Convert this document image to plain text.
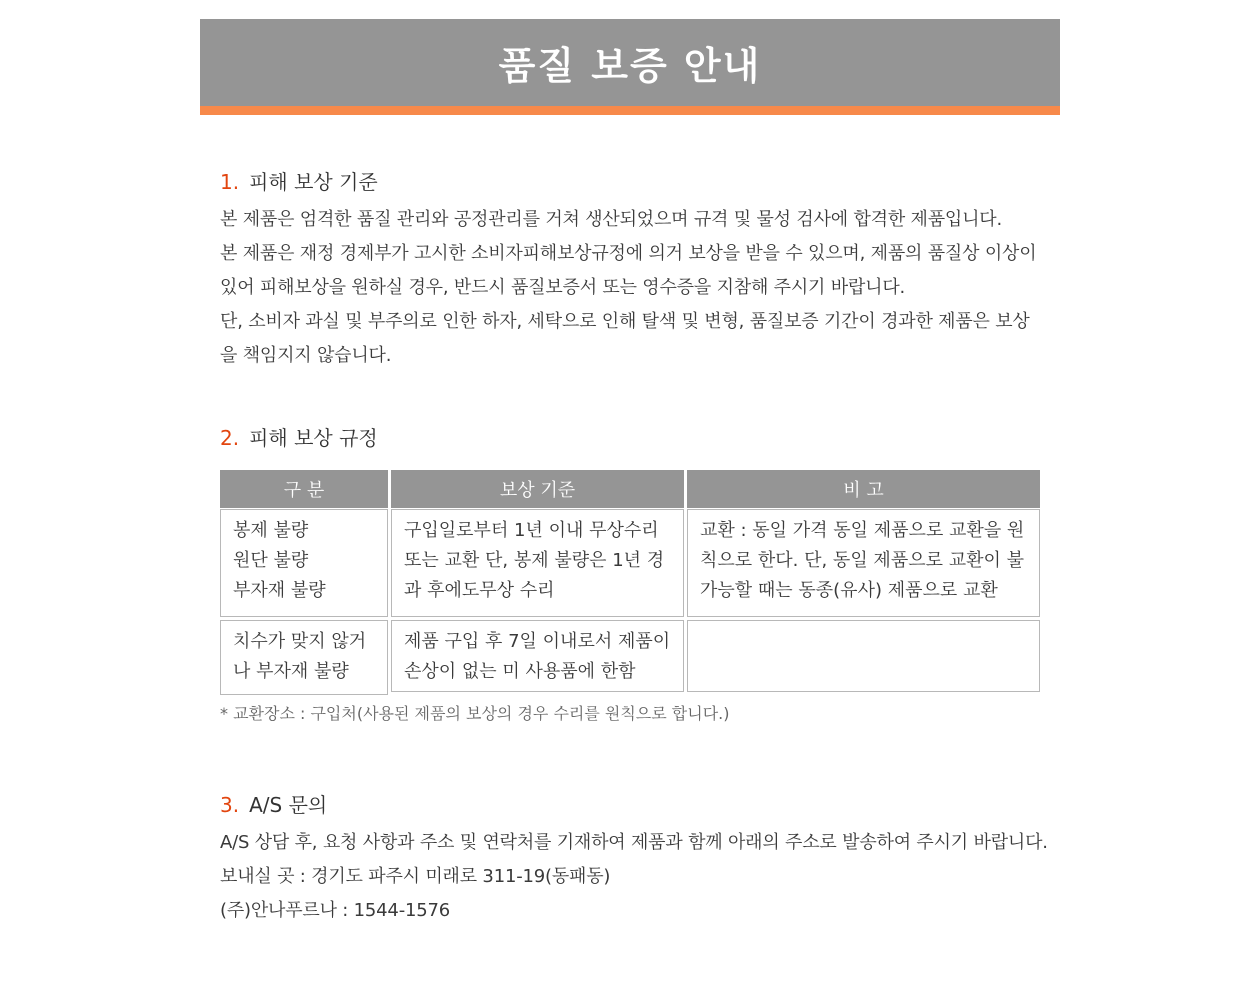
품질 보증 안내
1. 피해 보상 기준

본 제품은 엄격한 품질 관리와 공정관리를 거쳐 생산되었으며 규격 및 물성 검사에 합격한 제품입니다.

본 제품은 재정 경제부가 고시한 소비자피해보상규정에 의거 보상을 받을 수 있으며, 제품의 품질상 이상이

있어 피해보상을 원하실 경우, 반드시 품질보증서 또는 영수증을 지참해 주시기 바랍니다.

단, 소비자 과실 및 부주의로 인한 하자, 세탁으로 인해 탈색 및 변형, 품질보증 기간이 경과한 제품은 보상

을 책임지지 않습니다.

2. 피해 보상 규정
구 분	보상 기준	비 고
봉제 불량
원단 불량
부자재 불량
구입일로부터 1년 이내 무상수리
또는 교환 단, 봉제 불량은 1년 경
과 후에도무상 수리
교환 : 동일 가격 동일 제품으로 교환을 원
칙으로 한다. 단, 동일 제품으로 교환이 불
가능할 때는 동종(유사) 제품으로 교환
치수가 맞지 않거
나 부자재 불량
제품 구입 후 7일 이내로서 제품이
손상이 없는 미 사용품에 한함
* 교환장소 : 구입처(사용된 제품의 보상의 경우 수리를 원칙으로 합니다.)
3. A/S 문의

A/S 상담 후, 요청 사항과 주소 및 연락처를 기재하여 제품과 함께 아래의 주소로 발송하여 주시기 바랍니다.

보내실 곳 : 경기도 파주시 미래로 311-19(동패동)

(주)안나푸르나 : 1544-1576
